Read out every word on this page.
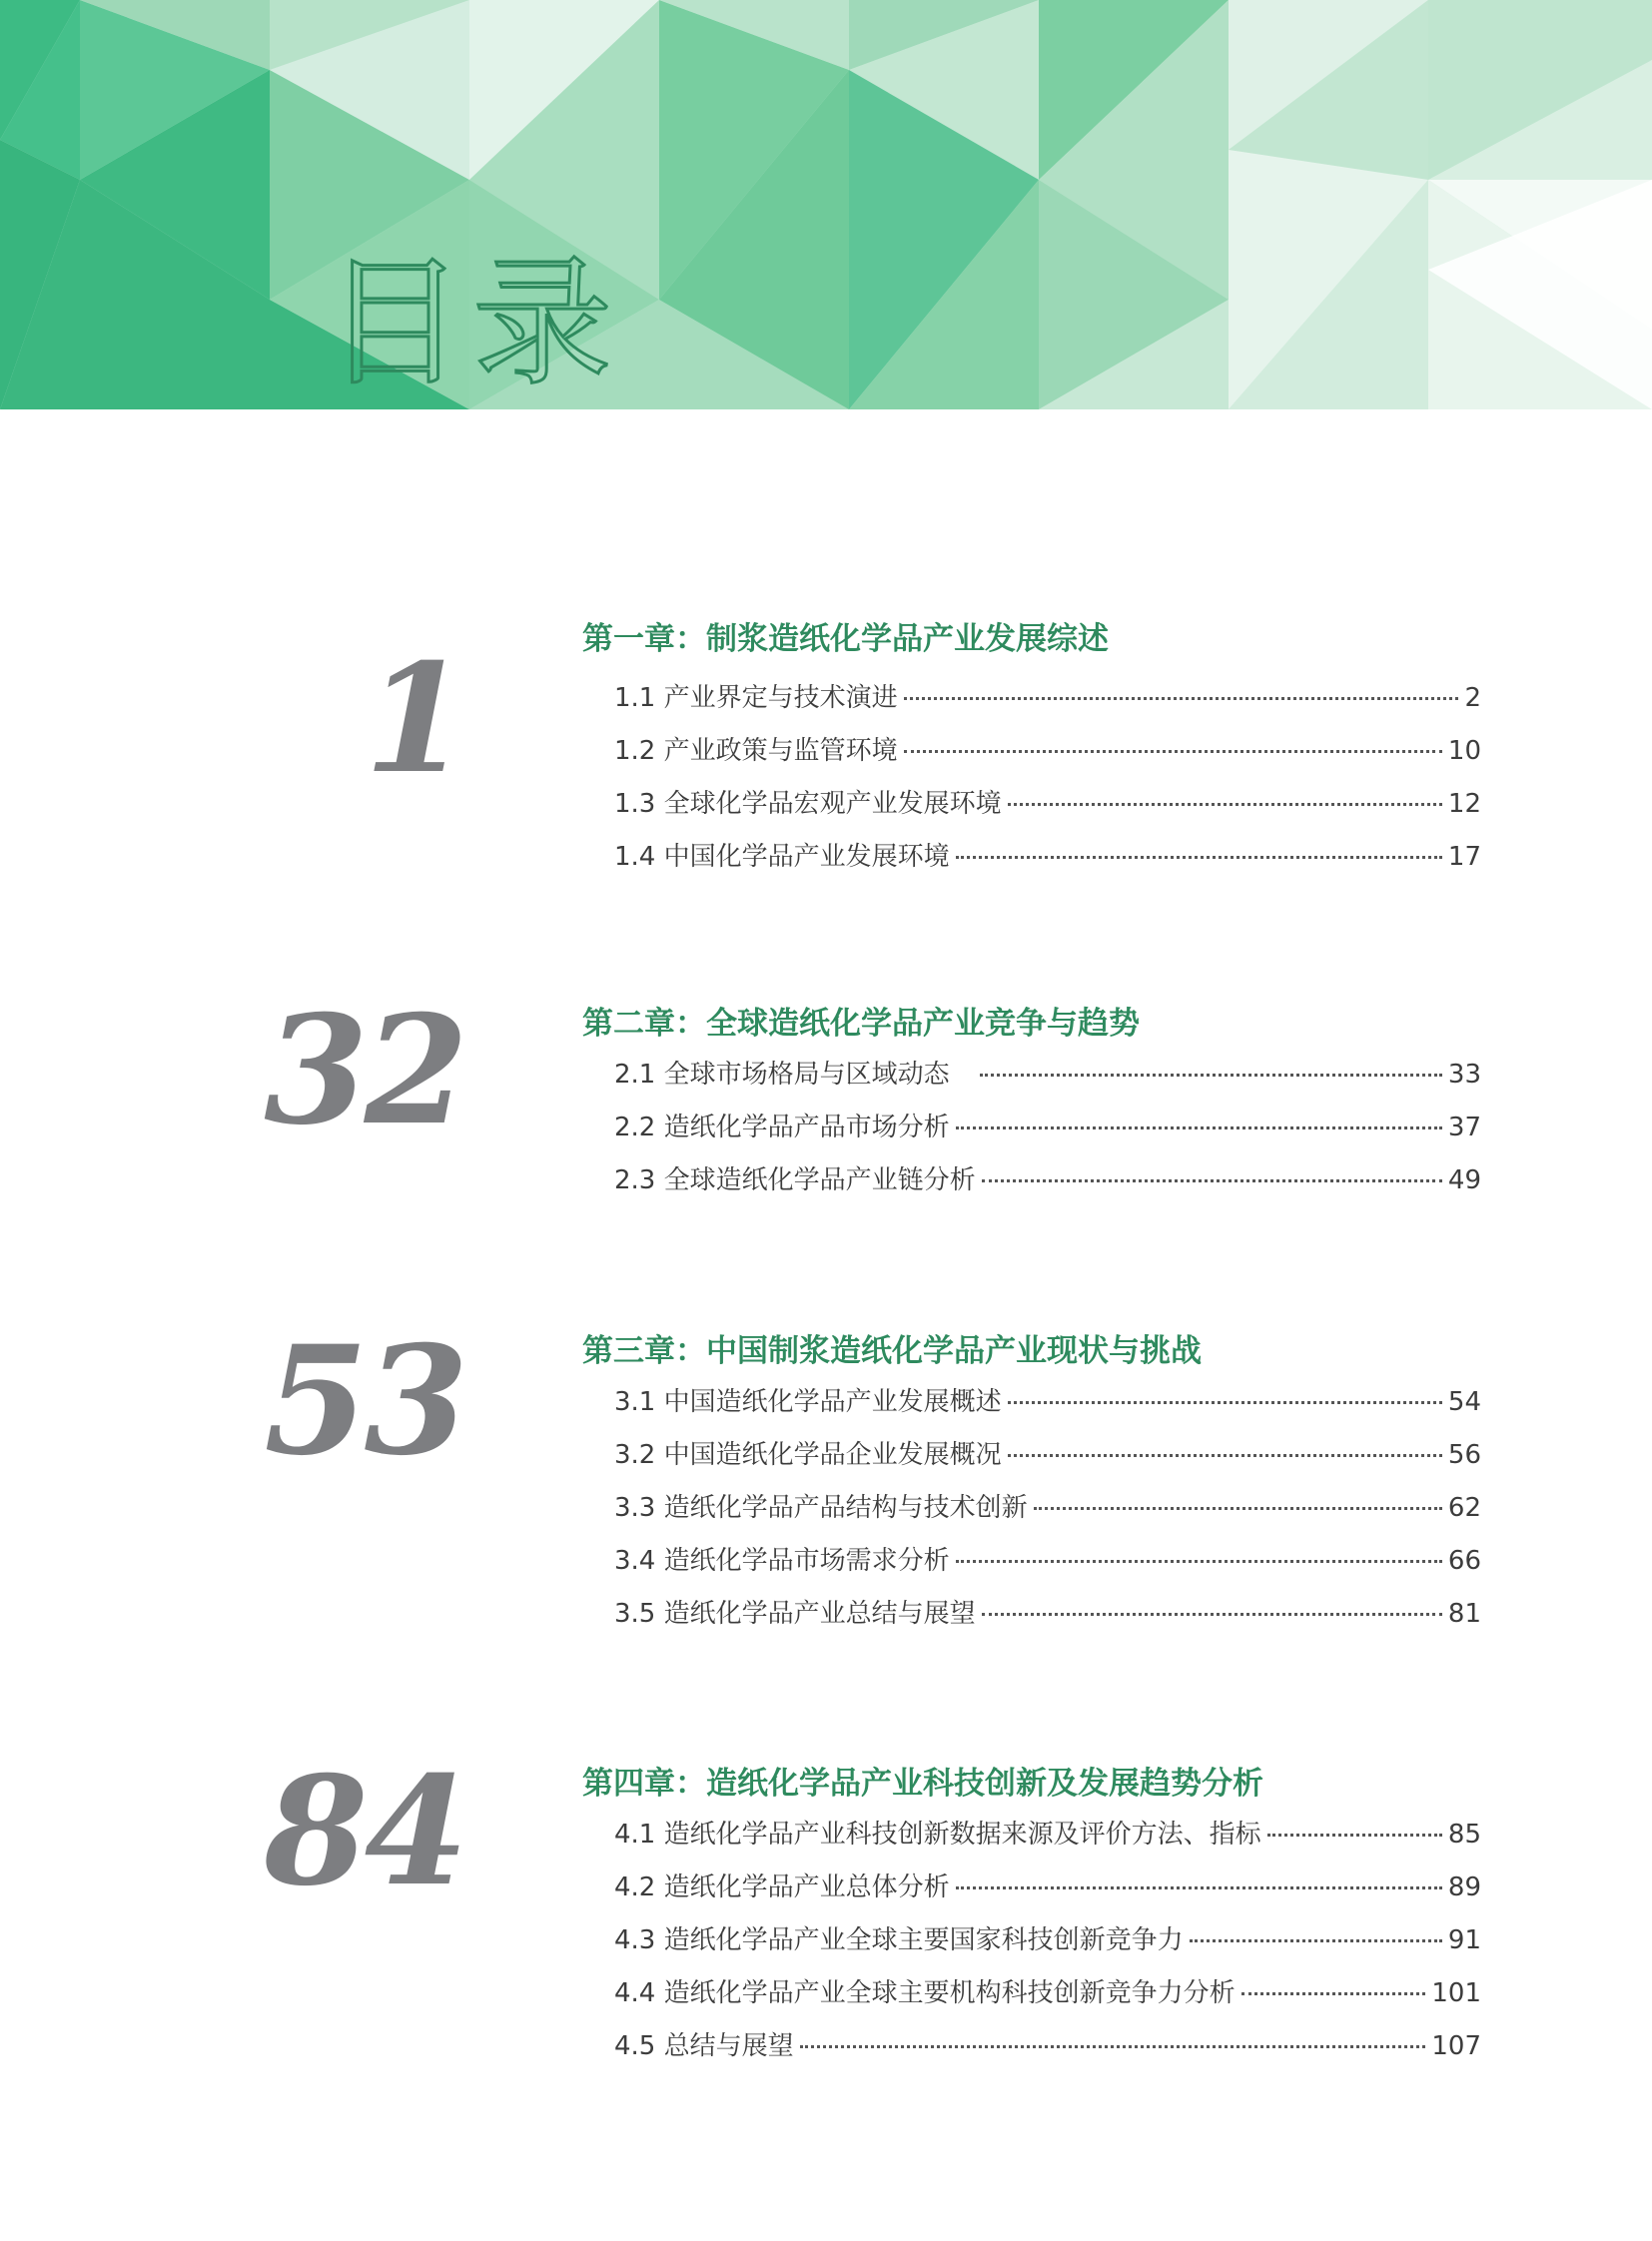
目录
1	第一章：制浆造纸化学品产业发展综述
1.1 产业界定与技术演进	2
1.2 产业政策与监管环境	10
1.3 全球化学品宏观产业发展环境	12
1.4 中国化学品产业发展环境	17
32	第二章：全球造纸化学品产业竞争与趋势
2.1 全球市场格局与区域动态	33
2.2 造纸化学品产品市场分析	37
2.3 全球造纸化学品产业链分析	49
53	第三章：中国制浆造纸化学品产业现状与挑战
3.1 中国造纸化学品产业发展概述	54
3.2 中国造纸化学品企业发展概况	56
3.3 造纸化学品产品结构与技术创新	62
3.4 造纸化学品市场需求分析	66
3.5 造纸化学品产业总结与展望	81
84	第四章：造纸化学品产业科技创新及发展趋势分析
4.1 造纸化学品产业科技创新数据来源及评价方法、指标	85
4.2 造纸化学品产业总体分析	89
4.3 造纸化学品产业全球主要国家科技创新竞争力	91
4.4 造纸化学品产业全球主要机构科技创新竞争力分析	101
4.5 总结与展望	107
